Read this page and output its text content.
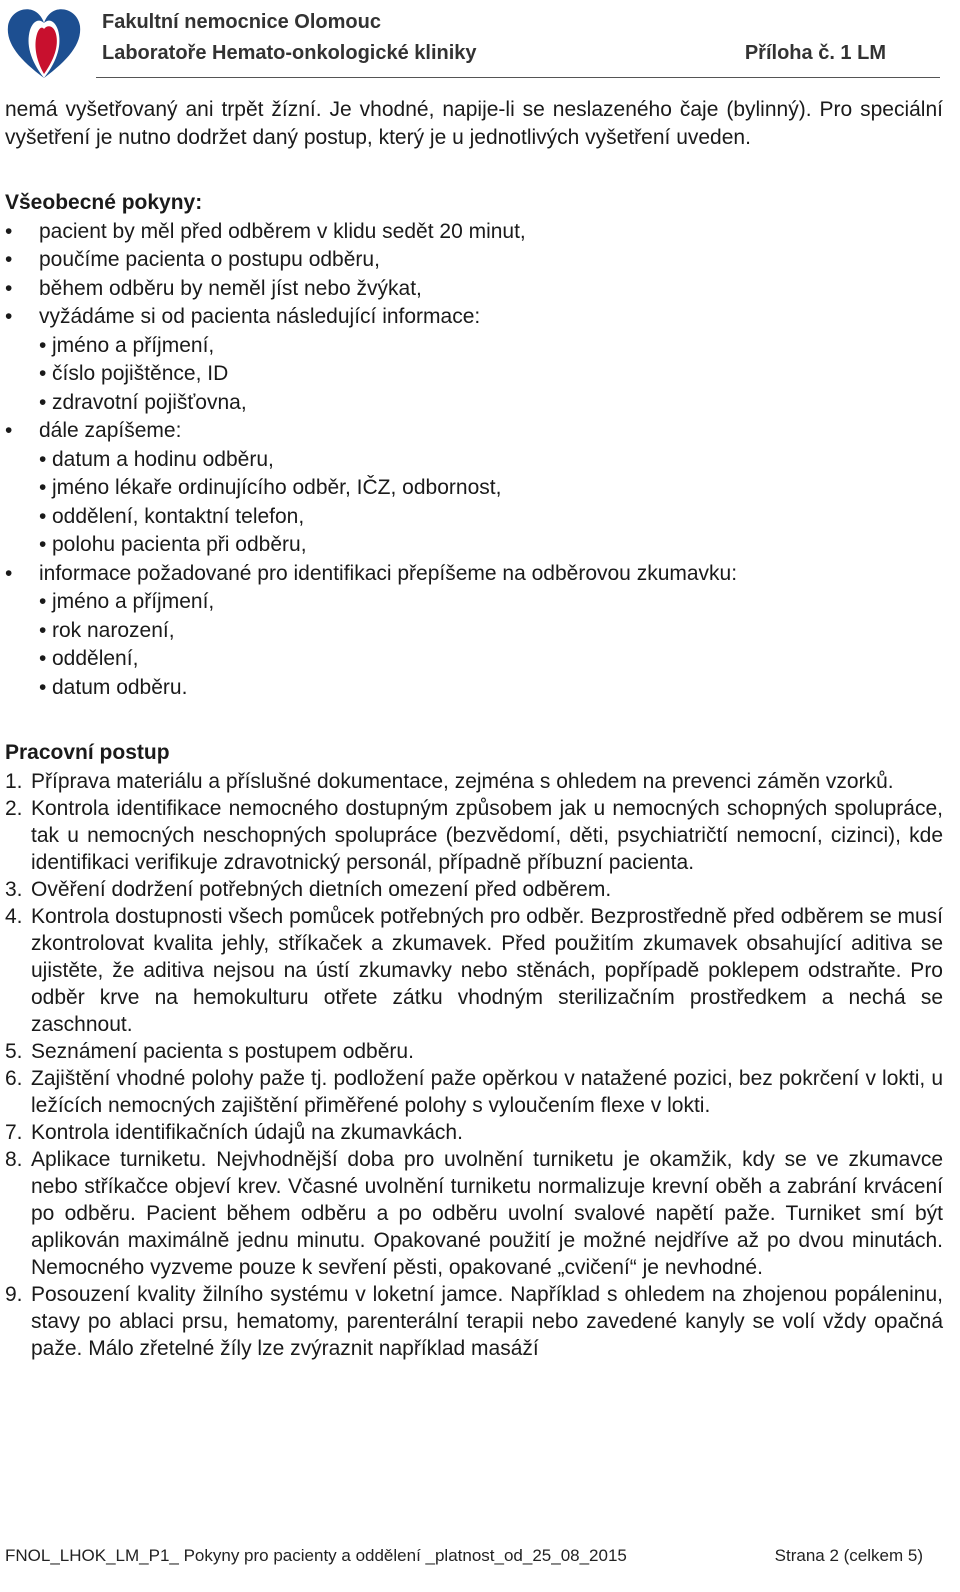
Fakultní nemocnice Olomouc
Laboratoře Hemato-onkologické kliniky	Příloha č. 1 LM

nemá vyšetřovaný ani trpět žízní. Je vhodné, napije-li se neslazeného čaje (bylinný). Pro speciální vyšetření je nutno dodržet daný postup, který je u jednotlivých vyšetření uveden.

Všeobecné pokyny:

• pacient by měl před odběrem v klidu sedět 20 minut,

• poučíme pacienta o postupu odběru,

• během odběru by neměl jíst nebo žvýkat,

• vyžádáme si od pacienta následující informace:

• jméno a příjmení,

• číslo pojištěnce, ID

• zdravotní pojišťovna,

• dále zapíšeme:

• datum a hodinu odběru,

• jméno lékaře ordinujícího odběr, IČZ, odbornost,

• oddělení, kontaktní telefon,

• polohu pacienta při odběru,

• informace požadované pro identifikaci přepíšeme na odběrovou zkumavku:

• jméno a příjmení,

• rok narození,

• oddělení,

• datum odběru.

Pracovní postup

1. Příprava materiálu a příslušné dokumentace, zejména s ohledem na prevenci záměn vzorků.

2. Kontrola identifikace nemocného dostupným způsobem jak u nemocných schopných spolupráce, tak u nemocných neschopných spolupráce (bezvědomí, děti, psychiatričtí nemocní, cizinci), kde identifikaci verifikuje zdravotnický personál, případně příbuzní pacienta.

3. Ověření dodržení potřebných dietních omezení před odběrem.

4. Kontrola dostupnosti všech pomůcek potřebných pro odběr. Bezprostředně před odběrem se musí zkontrolovat kvalita jehly, stříkaček a zkumavek. Před použitím zkumavek obsahující aditiva se ujistěte, že aditiva nejsou na ústí zkumavky nebo stěnách, popřípadě poklepem odstraňte. Pro odběr krve na hemokulturu otřete zátku vhodným sterilizačním prostředkem a nechá se zaschnout.

5. Seznámení pacienta s postupem odběru.

6. Zajištění vhodné polohy paže tj. podložení paže opěrkou v natažené pozici, bez pokrčení v lokti, u ležících nemocných zajištění přiměřené polohy s vyloučením flexe v lokti.

7. Kontrola identifikačních údajů na zkumavkách.

8. Aplikace turniketu. Nejvhodnější doba pro uvolnění turniketu je okamžik, kdy se ve zkumavce nebo stříkačce objeví krev. Včasné uvolnění turniketu normalizuje krevní oběh a zabrání krvácení po odběru. Pacient během odběru a po odběru uvolní svalové napětí paže. Turniket smí být aplikován maximálně jednu minutu. Opakované použití je možné nejdříve až po dvou minutách. Nemocného vyzveme pouze k sevření pěsti, opakované „cvičení“ je nevhodné.

9. Posouzení kvality žilního systému v loketní jamce. Například s ohledem na zhojenou popáleninu, stavy po ablaci prsu, hematomy, parenterální terapii nebo zavedené kanyly se volí vždy opačná paže. Málo zřetelné žíly lze zvýraznit například masáží

FNOL_LHOK_LM_P1_ Pokyny pro pacienty a oddělení _platnost_od_25_08_2015	Strana 2 (celkem 5)
